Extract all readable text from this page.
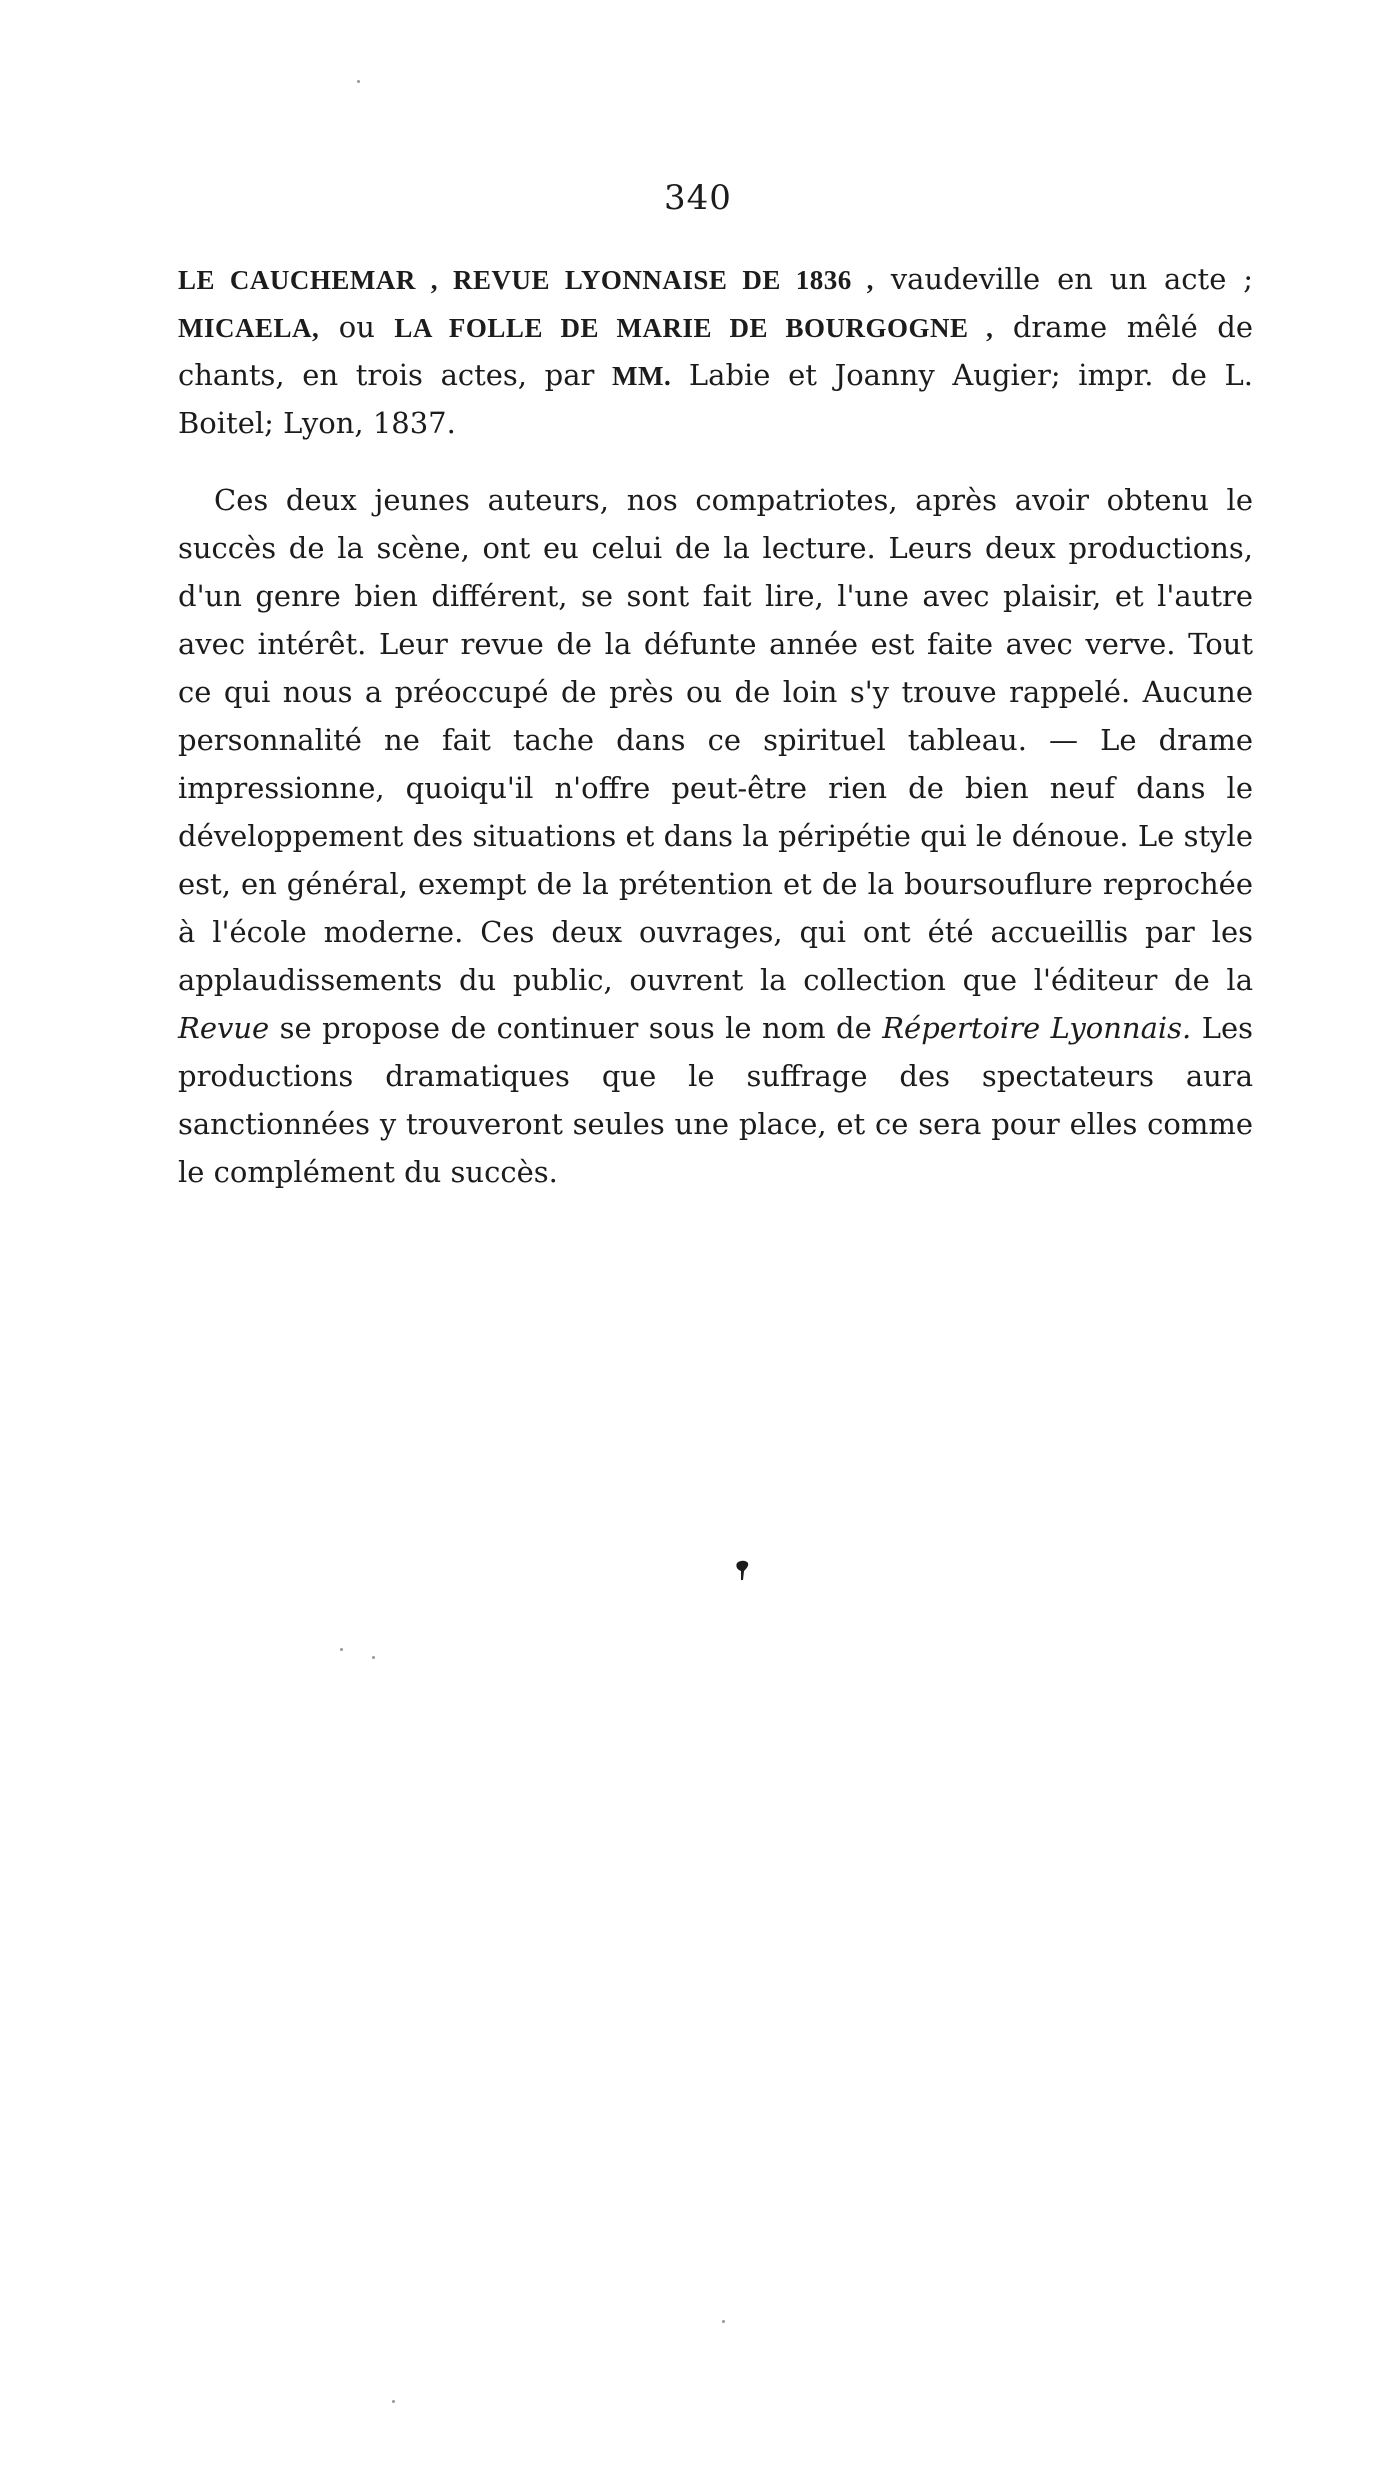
340

LE CAUCHEMAR , REVUE LYONNAISE DE 1836 , vaudeville en un acte ; MICAELA, ou LA FOLLE DE MARIE DE BOURGOGNE , drame mêlé de chants, en trois actes, par MM. Labie et Joanny Augier; impr. de L. Boitel; Lyon, 1837.

Ces deux jeunes auteurs, nos compatriotes, après avoir obtenu le succès de la scène, ont eu celui de la lecture. Leurs deux productions, d'un genre bien différent, se sont fait lire, l'une avec plaisir, et l'autre avec intérêt. Leur revue de la défunte année est faite avec verve. Tout ce qui nous a préoccupé de près ou de loin s'y trouve rappelé. Aucune personnalité ne fait tache dans ce spirituel tableau. — Le drame impressionne, quoiqu'il n'offre peut-être rien de bien neuf dans le développement des situations et dans la péripétie qui le dénoue. Le style est, en général, exempt de la prétention et de la boursouflure reprochée à l'école moderne. Ces deux ouvrages, qui ont été accueillis par les applaudissements du public, ouvrent la collection que l'éditeur de la Revue se propose de continuer sous le nom de Répertoire Lyonnais. Les productions dramatiques que le suffrage des spectateurs aura sanctionnées y trouveront seules une place, et ce sera pour elles comme le complément du succès.
